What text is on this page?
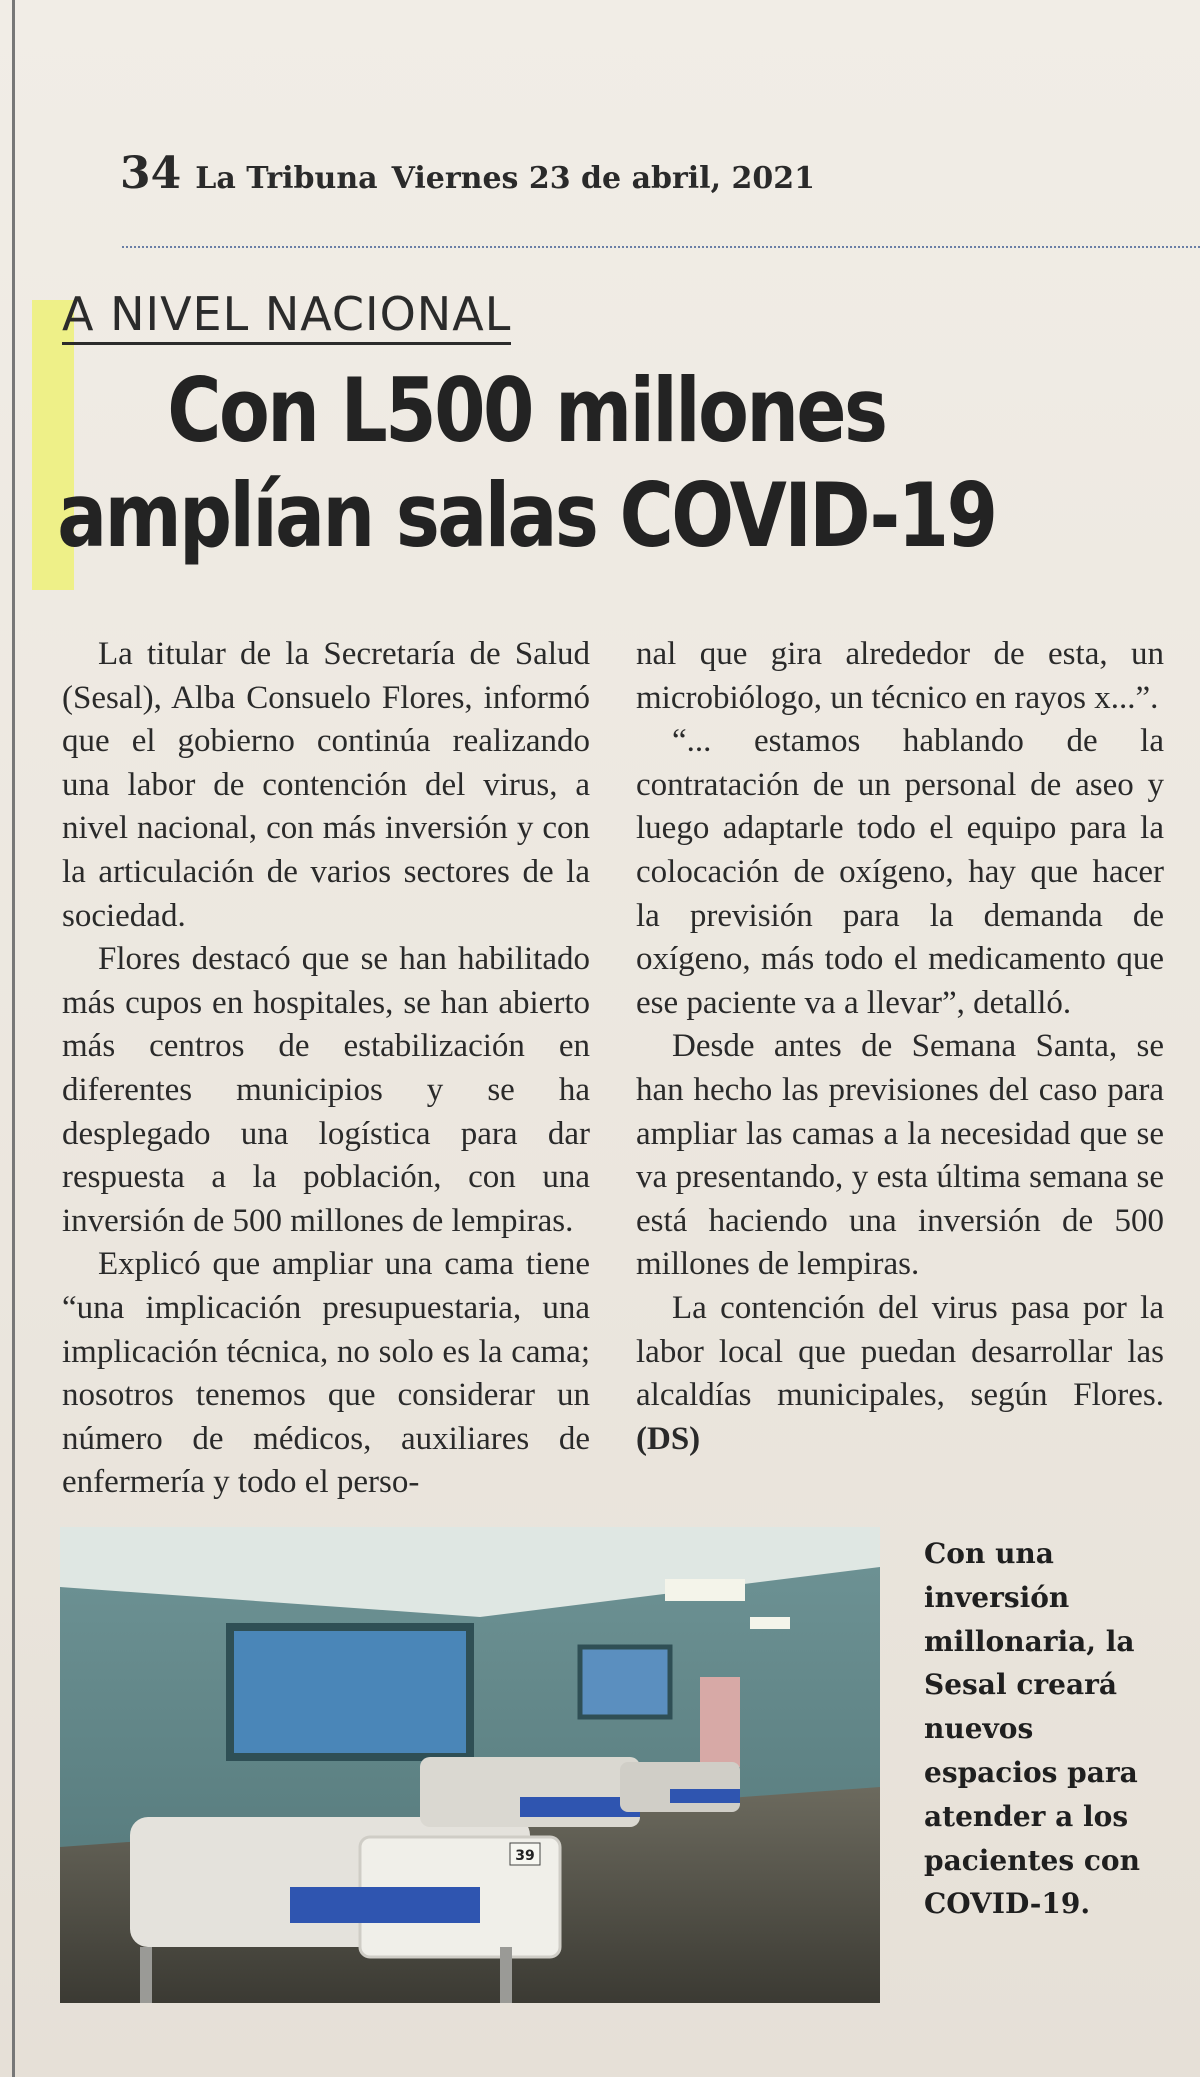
34 La Tribuna Viernes 23 de abril, 2021
A NIVEL NACIONAL
Con L500 millones
amplían salas COVID-19

La titular de la Secretaría de Salud (Sesal), Alba Consuelo Flores, informó que el gobierno continúa realizando una labor de contención del virus, a nivel nacional, con más inversión y con la articulación de varios sectores de la sociedad.

Flores destacó que se han habilitado más cupos en hospitales, se han abierto más centros de estabilización en diferentes municipios y se ha desplegado una logística para dar respuesta a la población, con una inversión de 500 millones de lempiras.

Explicó que ampliar una cama tiene “una implicación presupuestaria, una implicación técnica, no solo es la cama; nosotros tenemos que considerar un número de médicos, auxiliares de enfermería y todo el perso-

nal que gira alrededor de esta, un microbiólogo, un técnico en rayos x...”.

“... estamos hablando de la contratación de un personal de aseo y luego adaptarle todo el equipo para la colocación de oxígeno, hay que hacer la previsión para la demanda de oxígeno, más todo el medicamento que ese paciente va a llevar”, detalló.

Desde antes de Semana Santa, se han hecho las previsiones del caso para ampliar las camas a la necesidad que se va presentando, y esta última semana se está haciendo una inversión de 500 millones de lempiras.

La contención del virus pasa por la labor local que puedan desarrollar las alcaldías municipales, según Flores. (DS)

39
Con una inversión millonaria, la Sesal creará nuevos espacios para atender a los pacientes con COVID-19.
